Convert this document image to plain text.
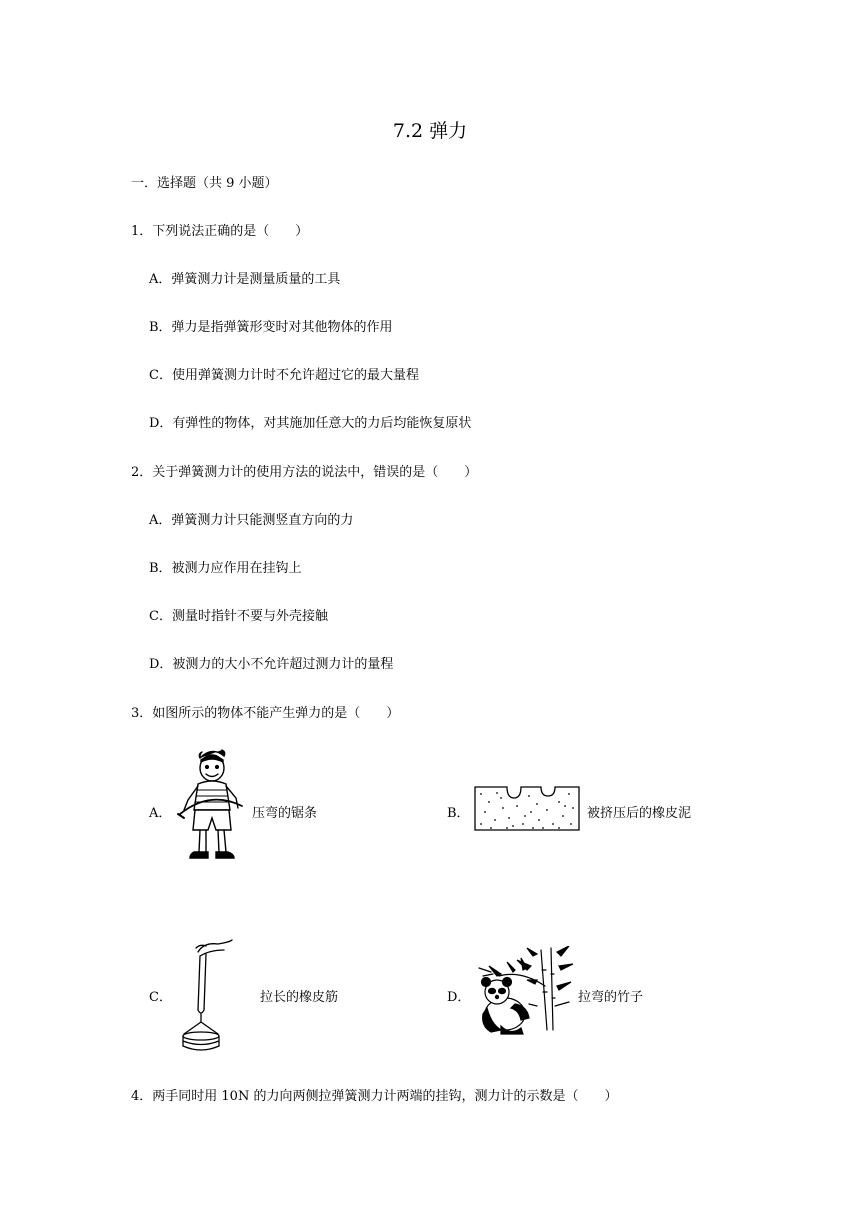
7.2 弹力
一．选择题（共 9 小题）
1．下列说法正确的是（　　）
A．弹簧测力计是测量质量的工具
B．弹力是指弹簧形变时对其他物体的作用
C．使用弹簧测力计时不允许超过它的最大量程
D．有弹性的物体，对其施加任意大的力后均能恢复原状
2．关于弹簧测力计的使用方法的说法中，错误的是（　　）
A．弹簧测力计只能测竖直方向的力
B．被测力应作用在挂钩上
C．测量时指针不要与外壳接触
D．被测力的大小不允许超过测力计的量程
3．如图所示的物体不能产生弹力的是（　　）
A．	压弯的锯条	B．	被挤压后的橡皮泥
C．	拉长的橡皮筋	D．	拉弯的竹子
4．两手同时用 10N 的力向两侧拉弹簧测力计两端的挂钩，测力计的示数是（　　）
